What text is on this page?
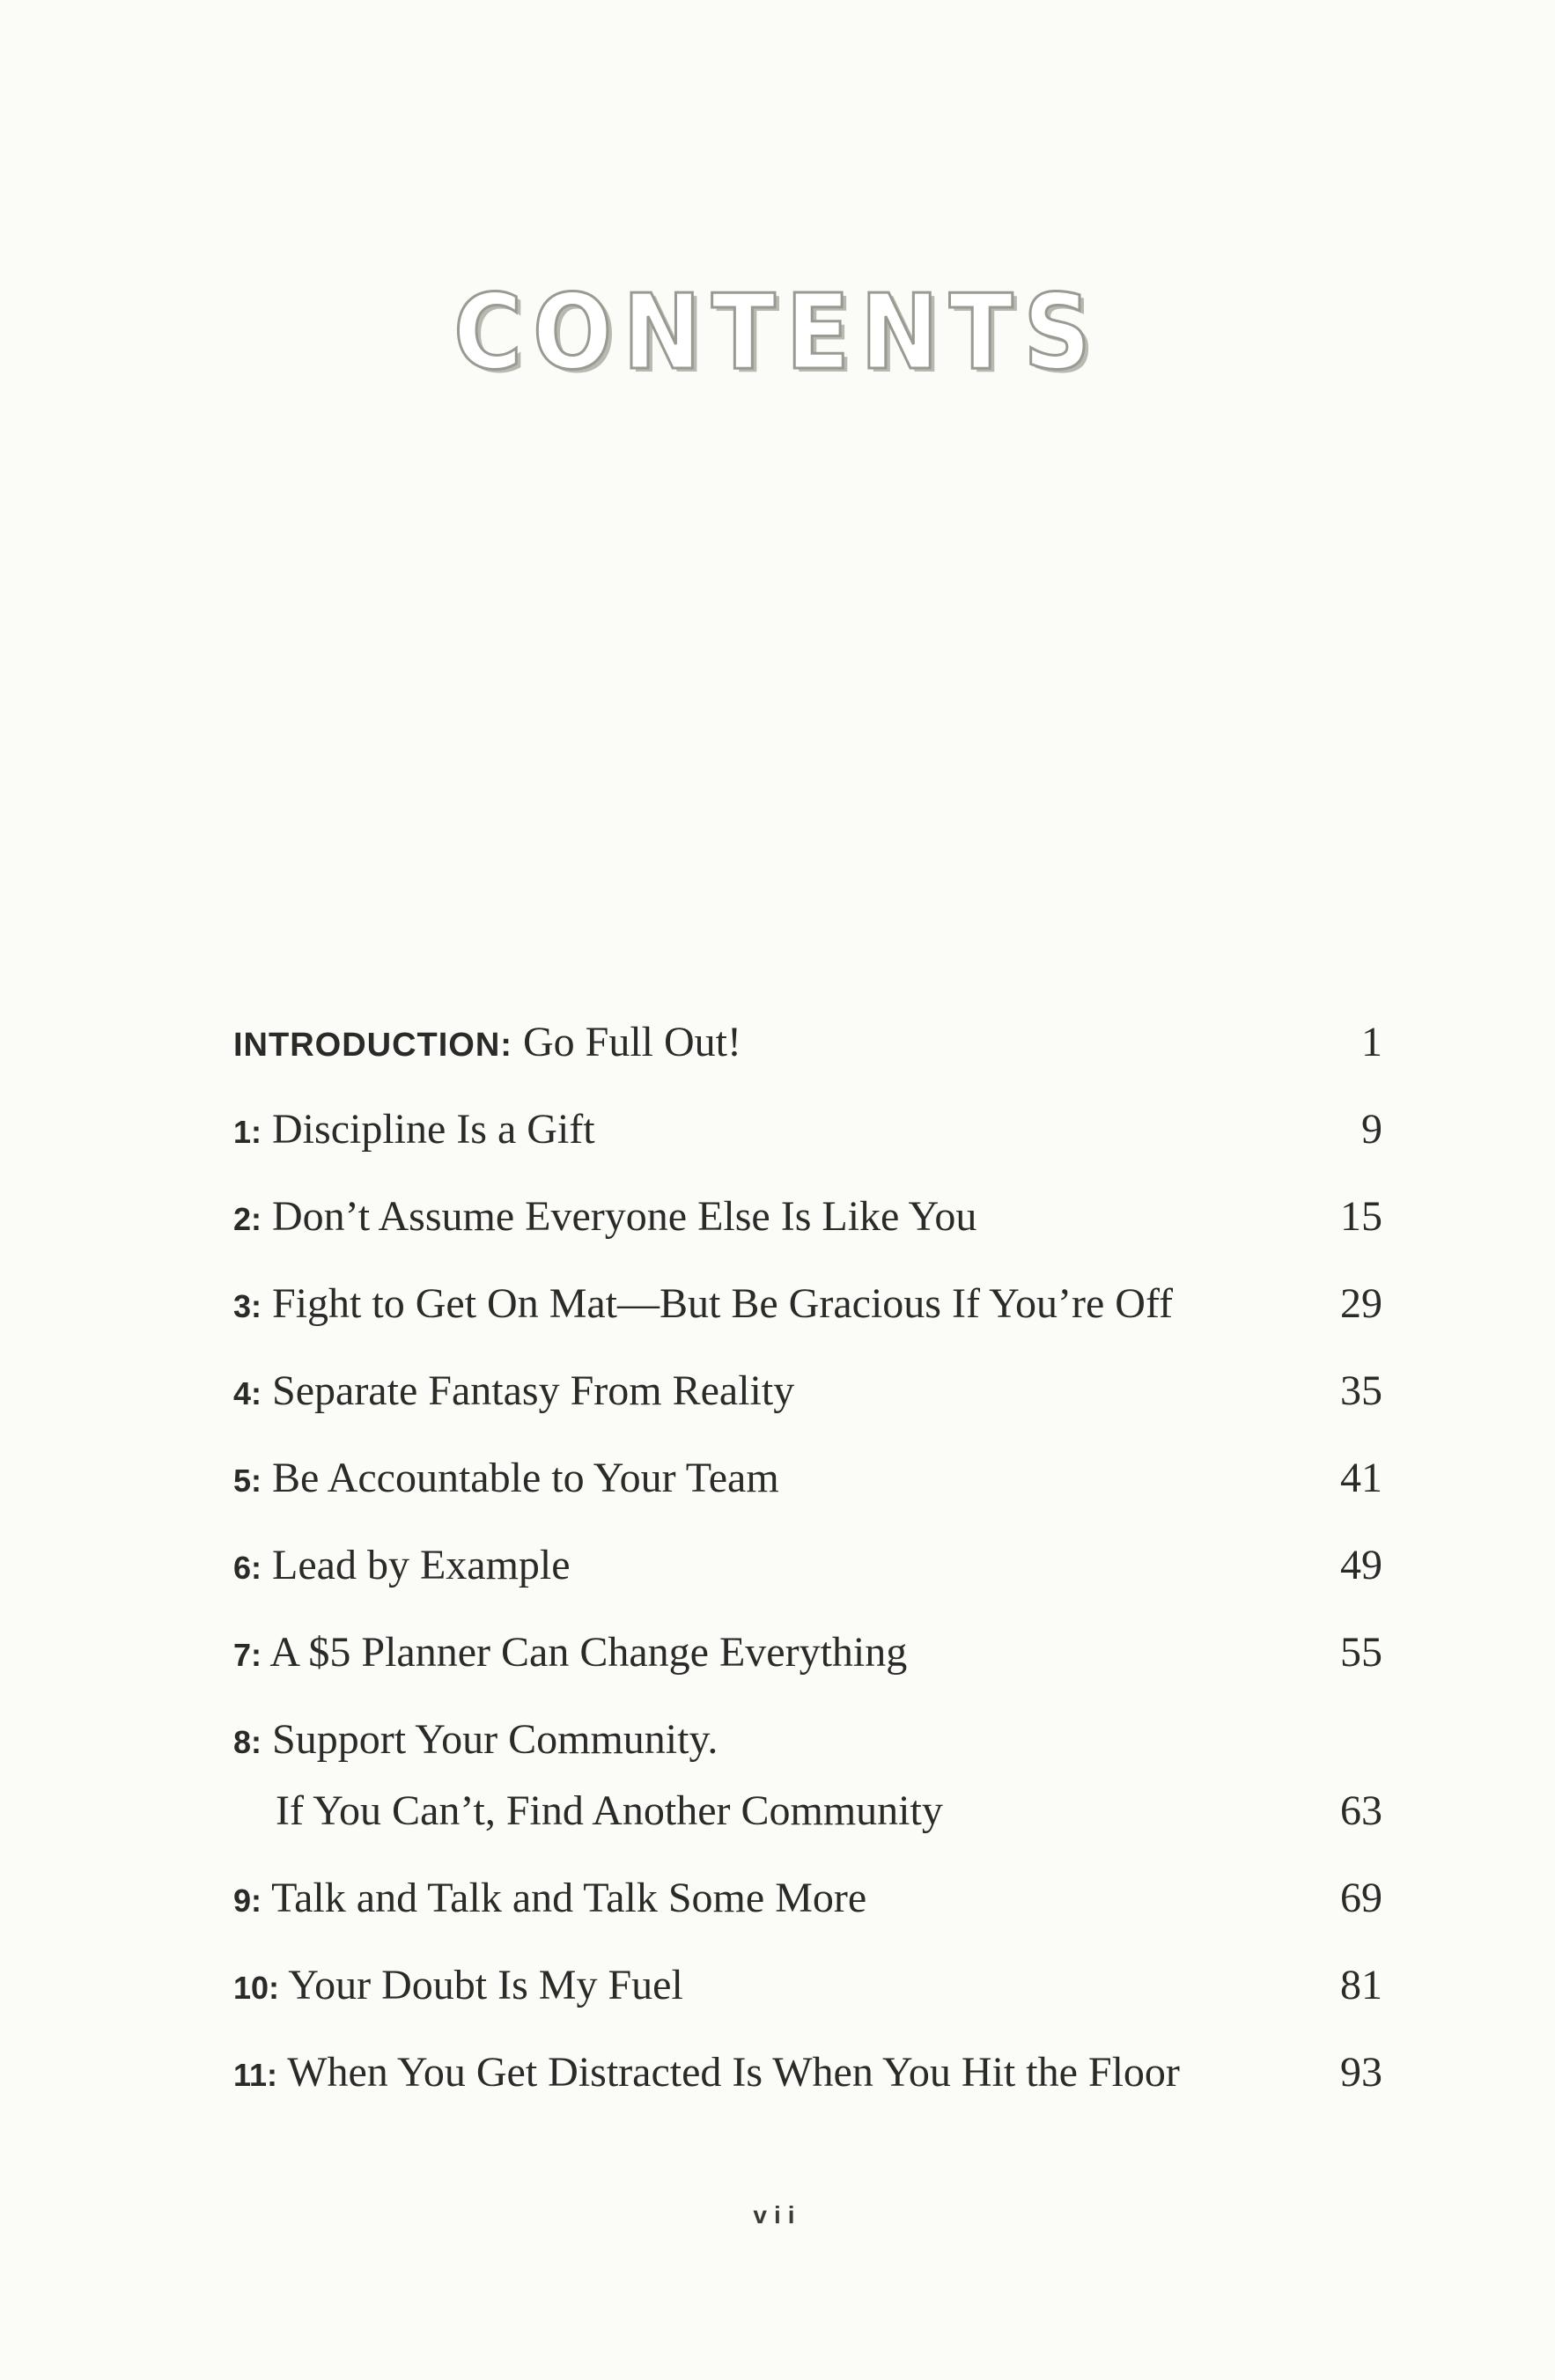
CONTENTS
INTRODUCTION: Go Full Out!	1
1: Discipline Is a Gift	9
2: Don’t Assume Everyone Else Is Like You	15
3: Fight to Get On Mat—But Be Gracious If You’re Off	29
4: Separate Fantasy From Reality	35
5: Be Accountable to Your Team	41
6: Lead by Example	49
7: A $5 Planner Can Change Everything	55
8: Support Your Community.
If You Can’t, Find Another Community	63
9: Talk and Talk and Talk Some More	69
10: Your Doubt Is My Fuel	81
11: When You Get Distracted Is When You Hit the Floor	93
vii
